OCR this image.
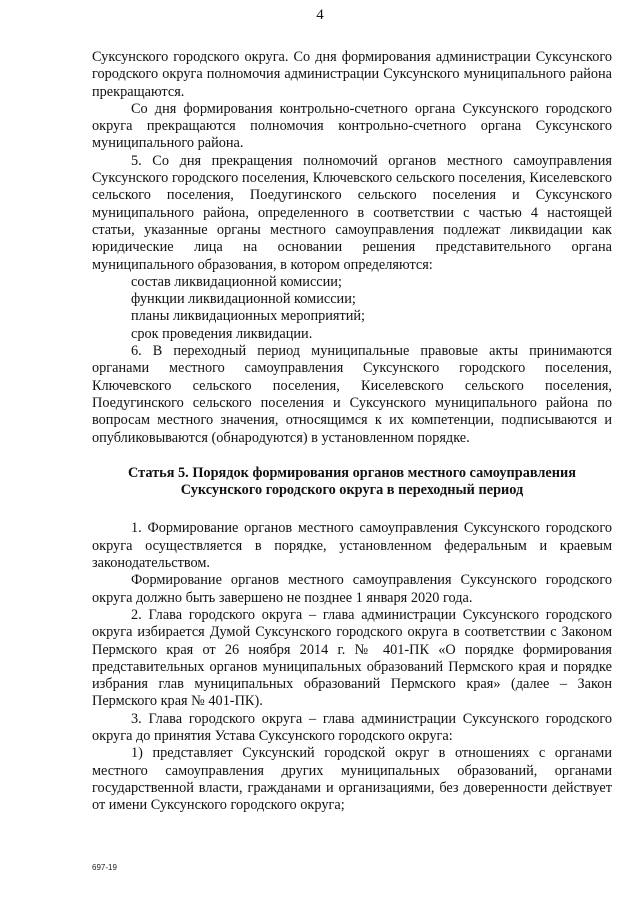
4

Суксунского городского округа. Со дня формирования администрации Суксунского городского округа полномочия администрации Суксунского муниципального района прекращаются.

Со дня формирования контрольно-счетного органа Суксунского городского округа прекращаются полномочия контрольно-счетного органа Суксунского муниципального района.

5. Со дня прекращения полномочий органов местного самоуправления Суксунского городского поселения, Ключевского сельского поселения, Киселевского сельского поселения, Поедугинского сельского поселения и Суксунского муниципального района, определенного в соответствии с частью 4 настоящей статьи, указанные органы местного самоуправления подлежат ликвидации как юридические лица на основании решения представительного органа муниципального образования, в котором определяются:

состав ликвидационной комиссии;

функции ликвидационной комиссии;

планы ликвидационных мероприятий;

срок проведения ликвидации.

6. В переходный период муниципальные правовые акты принимаются органами местного самоуправления Суксунского городского поселения, Ключевского сельского поселения, Киселевского сельского поселения, Поедугинского сельского поселения и Суксунского муниципального района по вопросам местного значения, относящимся к их компетенции, подписываются и опубликовываются (обнародуются) в установленном порядке.

Статья 5. Порядок формирования органов местного самоуправления
Суксунского городского округа в переходный период

1. Формирование органов местного самоуправления Суксунского городского округа осуществляется в порядке, установленном федеральным и краевым законодательством.

Формирование органов местного самоуправления Суксунского городского округа должно быть завершено не позднее 1 января 2020 года.

2. Глава городского округа – глава администрации Суксунского городского округа избирается Думой Суксунского городского округа в соответствии с Законом Пермского края от 26 ноября 2014 г. № 401-ПК «О порядке формирования представительных органов муниципальных образований Пермского края и порядке избрания глав муниципальных образований Пермского края» (далее – Закон Пермского края № 401-ПК).

3. Глава городского округа – глава администрации Суксунского городского округа до принятия Устава Суксунского городского округа:

1) представляет Суксунский городской округ в отношениях с органами местного самоуправления других муниципальных образований, органами государственной власти, гражданами и организациями, без доверенности действует от имени Суксунского городского округа;

697-19
